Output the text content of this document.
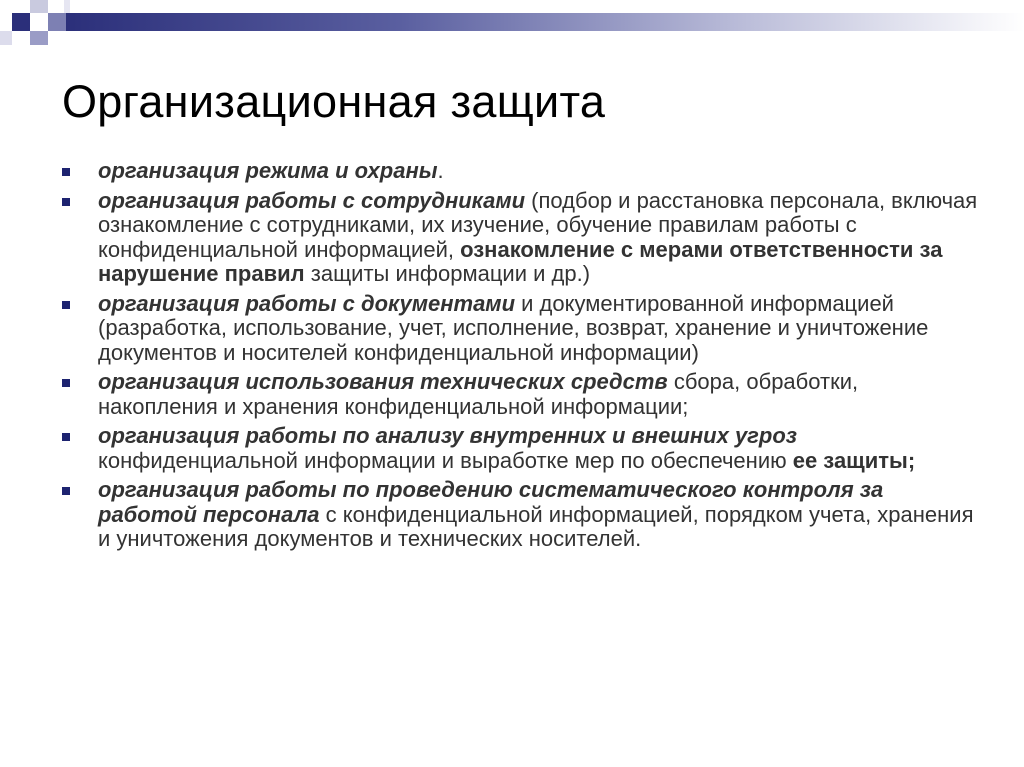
Организационная защита
организация режима и охраны.
организация работы с сотрудниками (подбор и расстановка персонала, включая ознакомление с сотрудниками, их изучение, обучение правилам работы с конфиденциальной информацией, ознакомление с мерами ответственности за нарушение правил защиты информации и др.)
организация работы с документами и документированной информацией (разработка, использование, учет, исполнение, возврат, хранение и уничтожение документов и носителей конфиденциальной информации)
организация использования технических средств сбора, обработки, накопления и хранения конфиденциальной информации;
организация работы по анализу внутренних и внешних угроз конфиденциальной информации и выработке мер по обеспечению ее защиты;
организация работы по проведению систематического контроля за работой персонала с конфиденциальной информацией, порядком учета, хранения и уничтожения документов и технических носителей.
